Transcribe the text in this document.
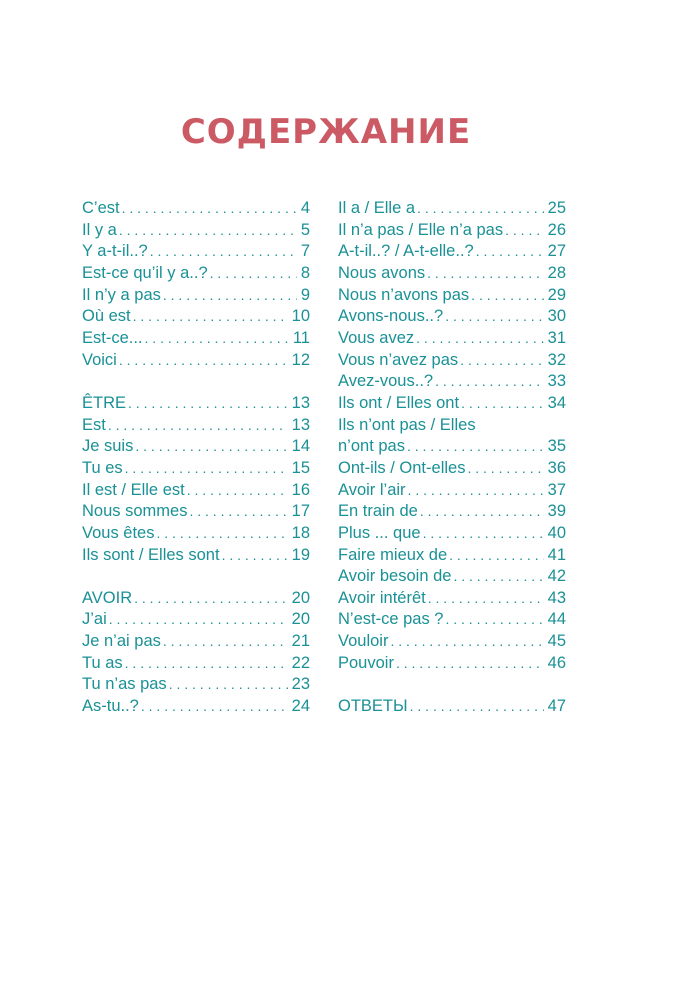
СОДЕРЖАНИЕ
C’est . . .	4
Il y a . . .	5
Y a-t-il..? . . .	7
Est-ce qu’il y a..? . . .	8
Il n’y a pas . . .	9
Où est . . .	10
Est-ce... . . .	11
Voici . . .	12
ÊTRE . . .	13
Est . . .	13
Je suis . . .	14
Tu es . . .	15
Il est / Elle est . . .	16
Nous sommes . . .	17
Vous êtes . . .	18
Ils sont / Elles sont . . .	19
AVOIR . . .	20
J’ai . . .	20
Je n’ai pas . . .	21
Tu as . . .	22
Tu n’as pas . . .	23
As-tu..? . . .	24
Il a / Elle a . . .	25
Il n’a pas / Elle n’a pas . . .	26
A-t-il..? / A-t-elle..? . . .	27
Nous avons . . .	28
Nous n’avons pas . . .	29
Avons-nous..? . . .	30
Vous avez . . .	31
Vous n’avez pas . . .	32
Avez-vous..? . . .	33
Ils ont / Elles ont . . .	34
Ils n’ont pas / Elles
n’ont pas . . .	35
Ont-ils / Ont-elles . . .	36
Avoir l’air . . .	37
En train de . . .	39
Plus ... que . . .	40
Faire mieux de . . .	41
Avoir besoin de . . .	42
Avoir intérêt . . .	43
N’est-ce pas ? . . .	44
Vouloir . . .	45
Pouvoir . . .	46
ОТВЕТЫ . . .	47
